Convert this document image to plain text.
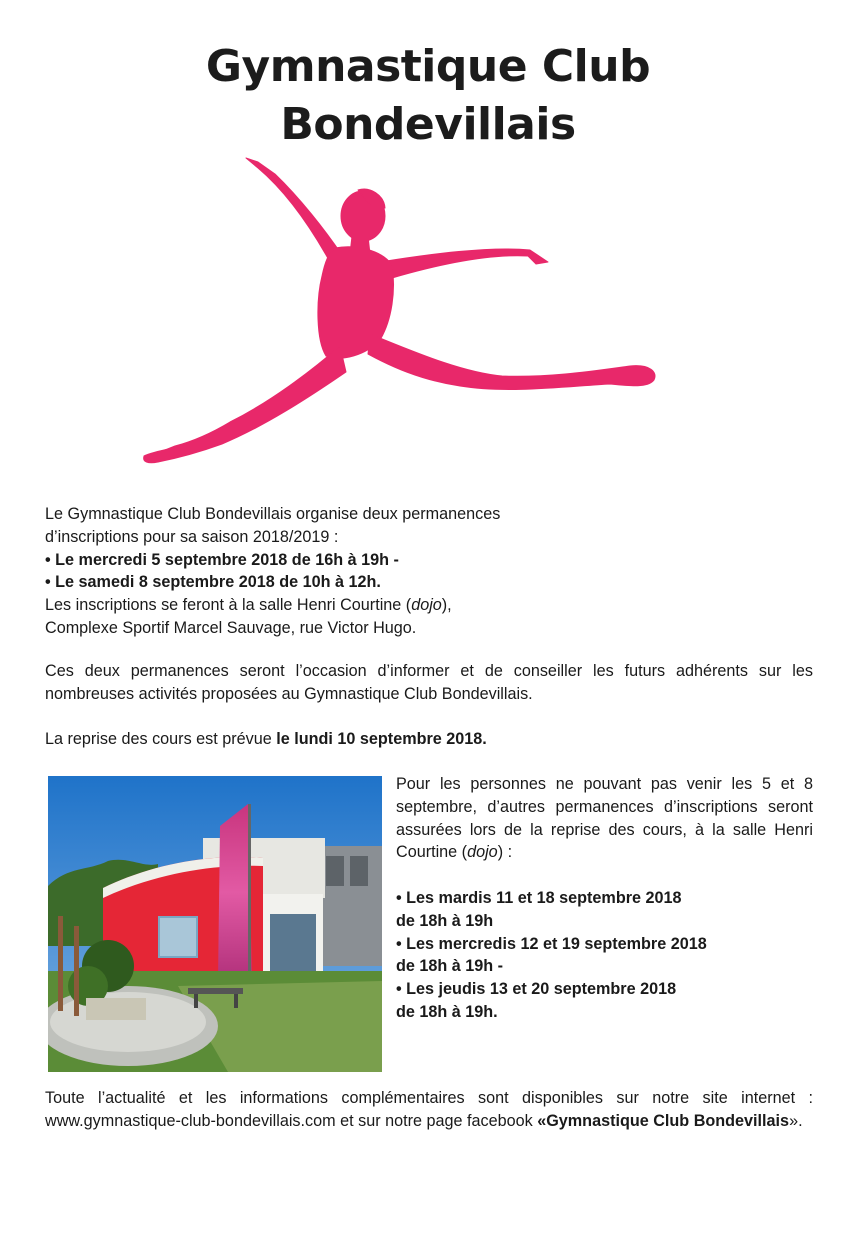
Gymnastique Club
Bondevillais
Le Gymnastique Club Bondevillais organise deux permanences
d’inscriptions pour sa saison 2018/2019 :
• Le mercredi 5 septembre 2018 de 16h à 19h -
• Le samedi 8 septembre 2018 de 10h à 12h.
Les inscriptions se feront à la salle Henri Courtine (dojo),
Complexe Sportif Marcel Sauvage, rue Victor Hugo.
Ces deux permanences seront l’occasion d’informer et de conseiller les futurs adhérents sur les nombreuses activités proposées au Gymnastique Club Bondevillais.
La reprise des cours est prévue le lundi 10 septembre 2018.
Pour les personnes ne pouvant pas venir les 5 et 8 septembre, d’autres permanences d’inscriptions seront assurées lors de la reprise des cours, à la salle Henri Courtine (dojo) :
• Les mardis 11 et 18 septembre 2018
de 18h à 19h
• Les mercredis 12 et 19 septembre 2018
de 18h à 19h -
• Les jeudis 13 et 20 septembre 2018
de 18h à 19h.
Toute l’actualité et les informations complémentaires sont disponibles sur notre site internet : www.gymnastique-club-bondevillais.com et sur notre page facebook «Gymnastique Club Bondevillais».
